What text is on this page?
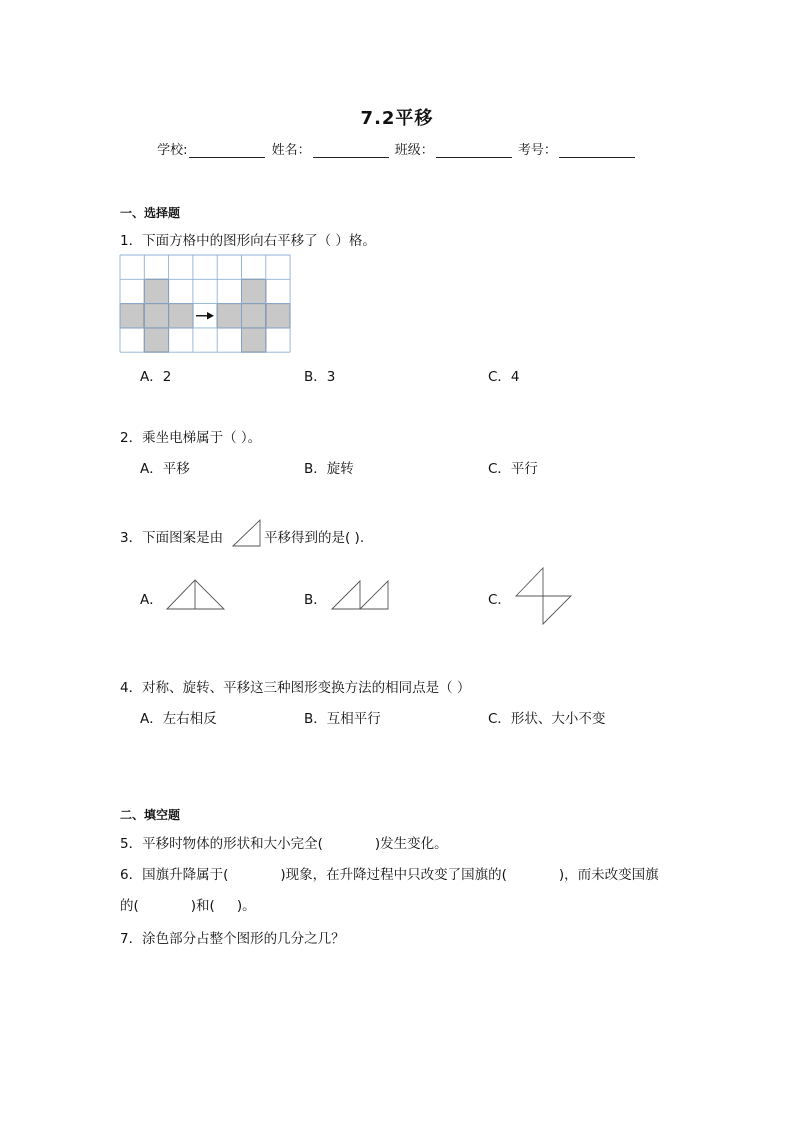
7.2平移
学校:	姓名：	班级：	考号：
一、选择题
1．下面方格中的图形向右平移了（ ）格。
A．2	B．3	C．4
2．乘坐电梯属于（ ）。
A．平移	B．旋转	C．平行
3．下面图案是由	平移得到的是( ).
A．	B．	C．
4．对称、旋转、平移这三种图形变换方法的相同点是（ ）
A．左右相反	B．互相平行	C．形状、大小不变
二、填空题
5．平移时物体的形状和大小完全(	)发生变化。
6．国旗升降属于(	)现象，在升降过程中只改变了国旗的(	)，而未改变国旗
的(	)和( )。
7．涂色部分占整个图形的几分之几？
